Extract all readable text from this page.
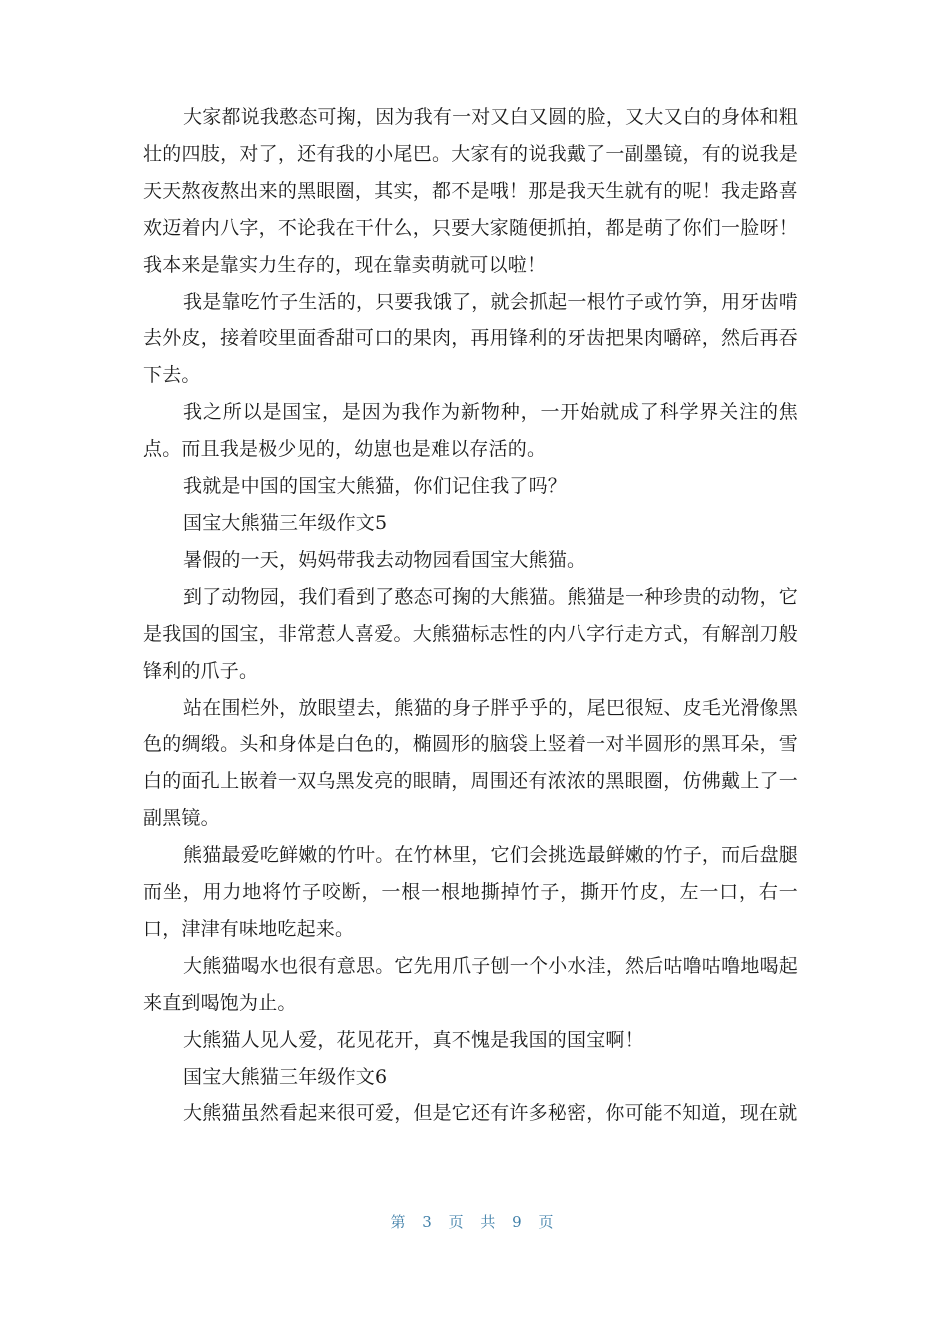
大家都说我憨态可掬，因为我有一对又白又圆的脸，又大又白的身体和粗壮的四肢，对了，还有我的小尾巴。大家有的说我戴了一副墨镜，有的说我是天天熬夜熬出来的黑眼圈，其实，都不是哦！那是我天生就有的呢！我走路喜欢迈着内八字，不论我在干什么，只要大家随便抓拍，都是萌了你们一脸呀！我本来是靠实力生存的，现在靠卖萌就可以啦！

我是靠吃竹子生活的，只要我饿了，就会抓起一根竹子或竹笋，用牙齿啃去外皮，接着咬里面香甜可口的果肉，再用锋利的牙齿把果肉嚼碎，然后再吞下去。

我之所以是国宝，是因为我作为新物种，一开始就成了科学界关注的焦点。而且我是极少见的，幼崽也是难以存活的。

我就是中国的国宝大熊猫，你们记住我了吗？

国宝大熊猫三年级作文5

暑假的一天，妈妈带我去动物园看国宝大熊猫。

到了动物园，我们看到了憨态可掬的大熊猫。熊猫是一种珍贵的动物，它是我国的国宝，非常惹人喜爱。大熊猫标志性的内八字行走方式，有解剖刀般锋利的爪子。

站在围栏外，放眼望去，熊猫的身子胖乎乎的，尾巴很短、皮毛光滑像黑色的绸缎。头和身体是白色的，椭圆形的脑袋上竖着一对半圆形的黑耳朵，雪白的面孔上嵌着一双乌黑发亮的眼睛，周围还有浓浓的黑眼圈，仿佛戴上了一副黑镜。

熊猫最爱吃鲜嫩的竹叶。在竹林里，它们会挑选最鲜嫩的竹子，而后盘腿而坐，用力地将竹子咬断，一根一根地撕掉竹子，撕开竹皮，左一口，右一口，津津有味地吃起来。

大熊猫喝水也很有意思。它先用爪子刨一个小水洼，然后咕噜咕噜地喝起来直到喝饱为止。

大熊猫人见人爱，花见花开，真不愧是我国的国宝啊！

国宝大熊猫三年级作文6

大熊猫虽然看起来很可爱，但是它还有许多秘密，你可能不知道，现在就

第 3 页 共 9 页
